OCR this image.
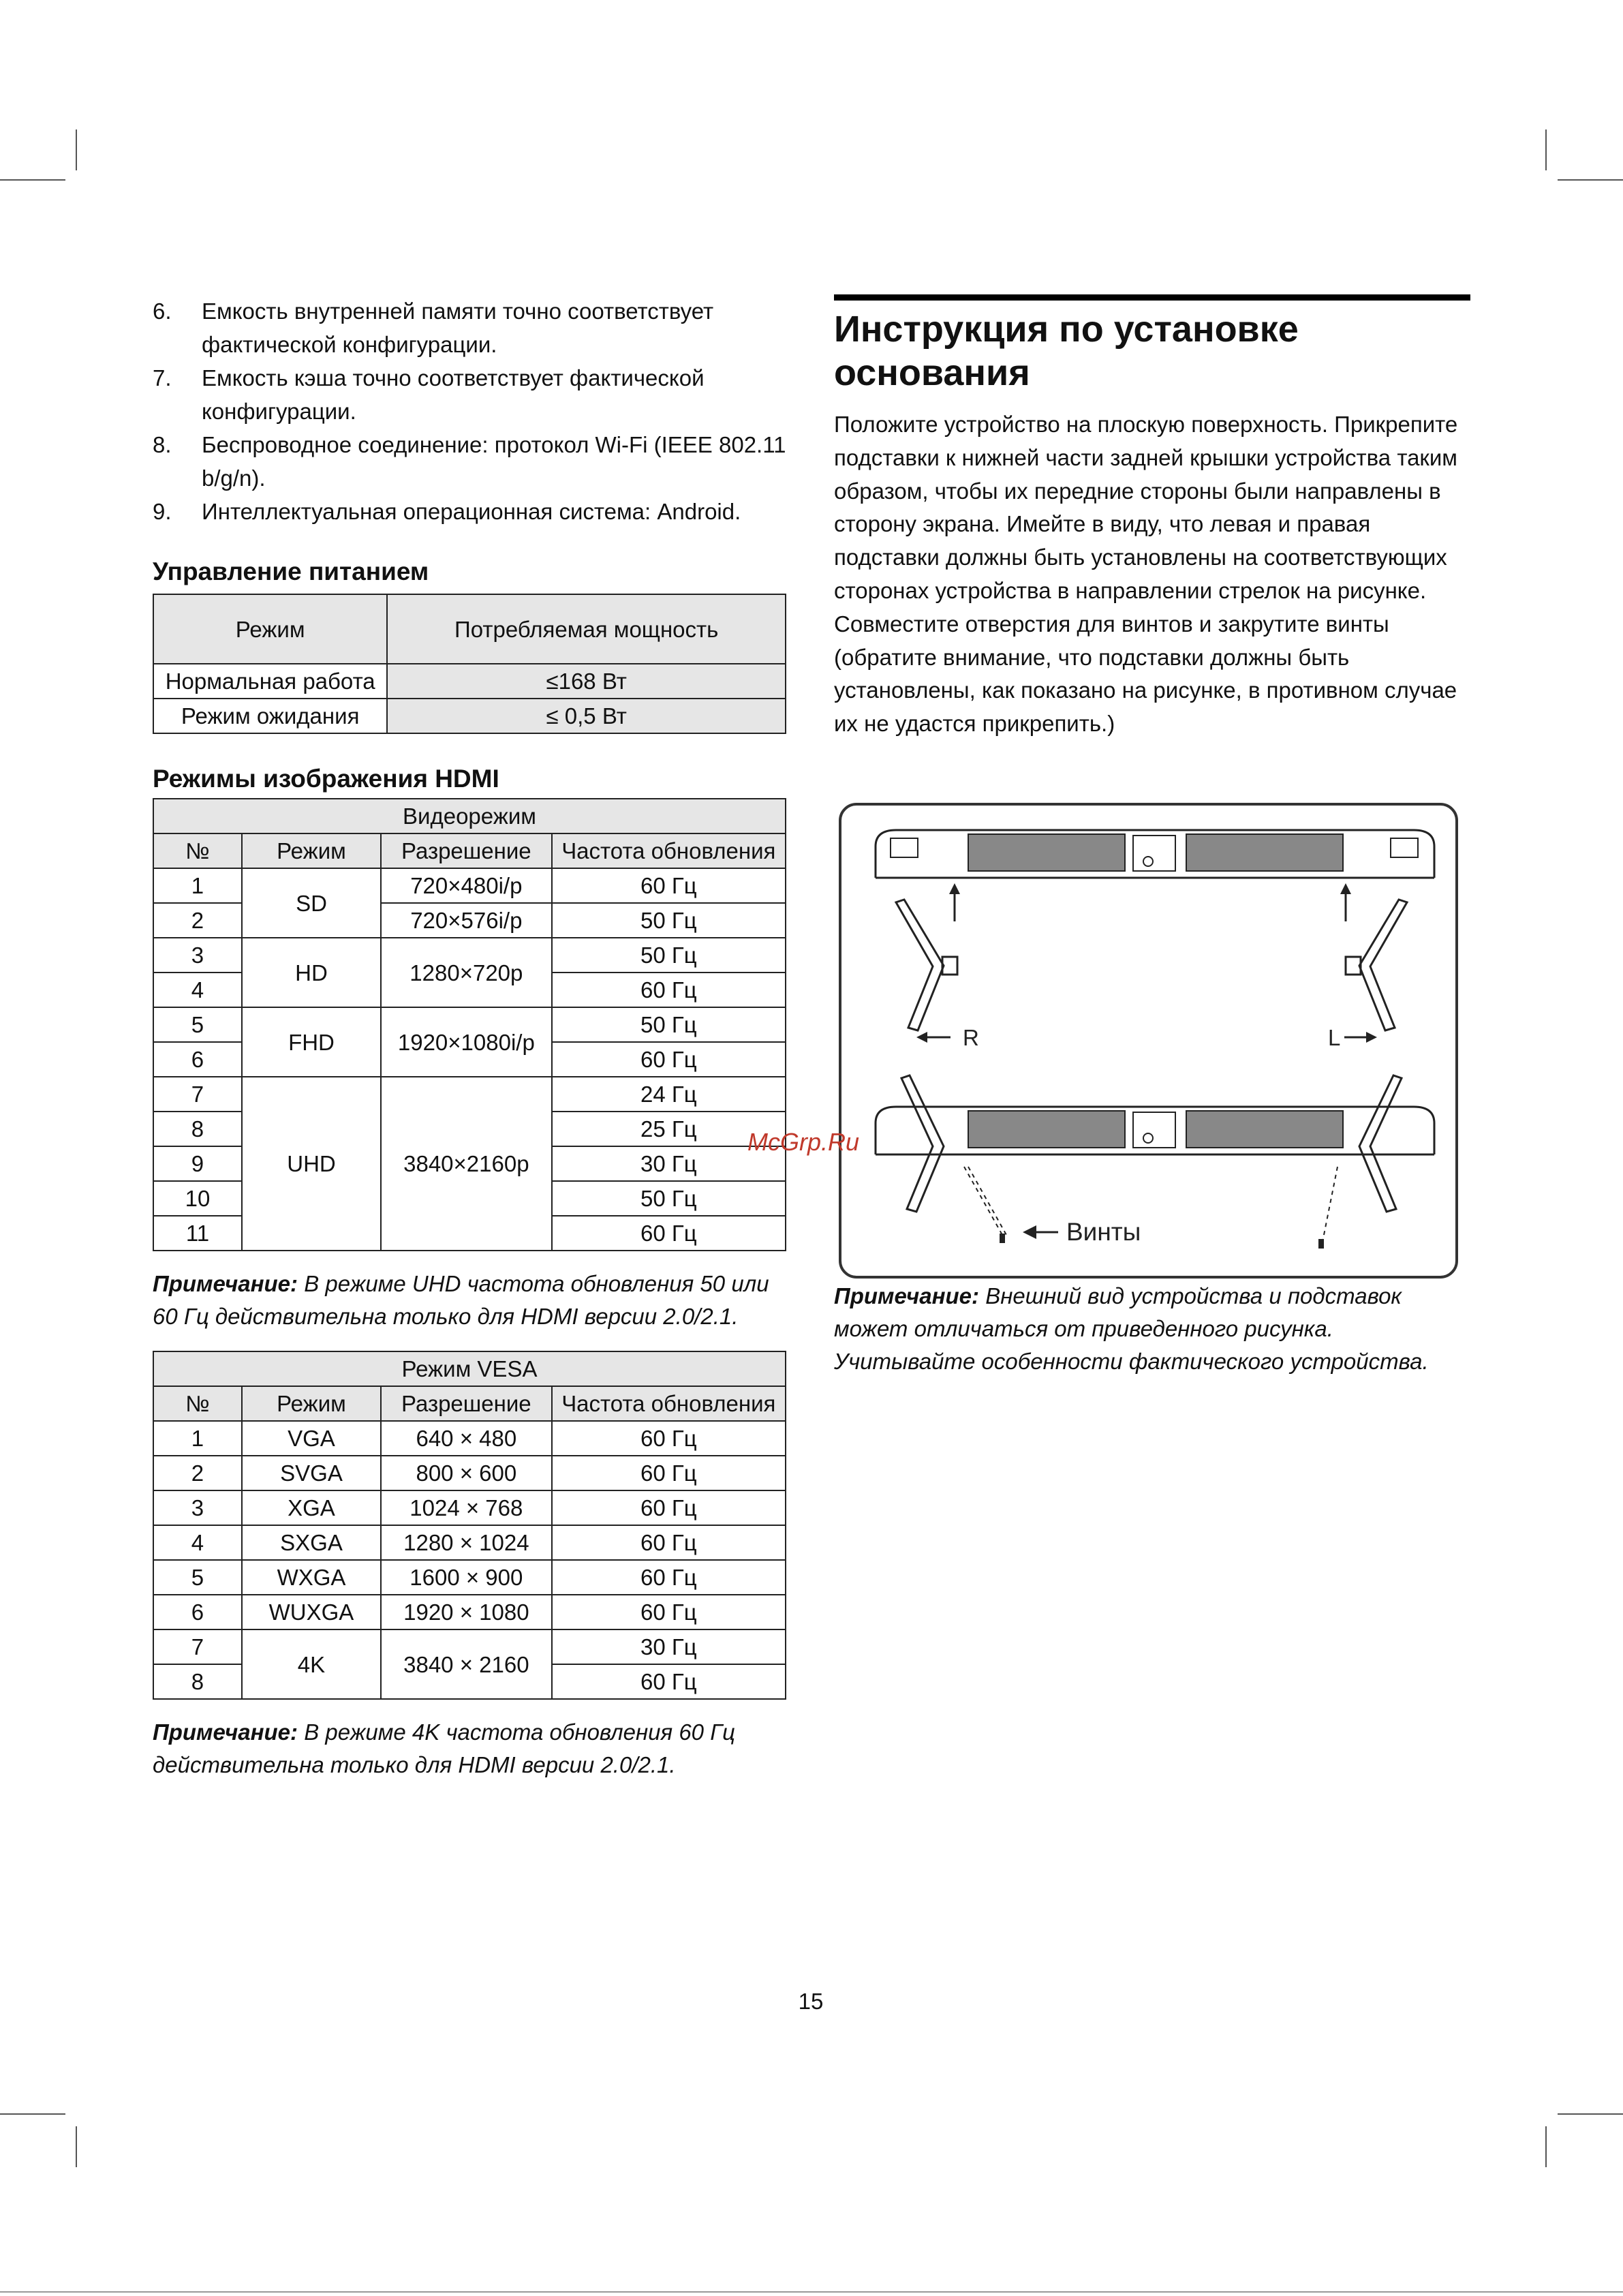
6.	Емкость внутренней памяти точно соответствует фактической конфигурации.
7.	Емкость кэша точно соответствует фактической конфигурации.
8.	Беспроводное соединение: протокол Wi-Fi (IEEE 802.11 b/g/n).
9.	Интеллектуальная операционная система: Android.
Управление питанием
Режим	Потребляемая мощность
Нормальная работа	≤168 Вт
Режим ожидания	≤ 0,5 Вт
Режимы изображения HDMI
Видеорежим			
№	Режим	Разрешение	Частота обновления
1	SD	720×480i/p	60 Гц
2		720×576i/p	50 Гц
3	HD	1280×720p	50 Гц
4			60 Гц
5	FHD	1920×1080i/p	50 Гц
6			60 Гц
7	UHD	3840×2160p	24 Гц
8			25 Гц
9			30 Гц
10			50 Гц
11			60 Гц

Примечание: В режиме UHD частота обновления 50 или 60 Гц действительна только для HDMI версии 2.0/2.1.

Режим VESA			
№	Режим	Разрешение	Частота обновления
1	VGA	640 × 480	60 Гц
2	SVGA	800 × 600	60 Гц
3	XGA	1024 × 768	60 Гц
4	SXGA	1280 × 1024	60 Гц
5	WXGA	1600 × 900	60 Гц
6	WUXGA	1920 × 1080	60 Гц
7	4K	3840 × 2160	30 Гц
8			60 Гц

Примечание: В режиме 4K частота обновления 60 Гц действительна только для HDMI версии 2.0/2.1.

Инструкция по установке основания

Положите устройство на плоскую поверхность. Прикрепите подставки к нижней части задней крышки устройства таким образом, чтобы их передние стороны были направлены в сторону экрана. Имейте в виду, что левая и правая подставки должны быть установлены на соответствующих сторонах устройства в направлении стрелок на рисунке. Совместите отверстия для винтов и закрутите винты (обратите внимание, что подставки должны быть установлены, как показано на рисунке, в противном случае их не удастся прикрепить.)

R	L
Винты
McGrp.Ru

Примечание: Внешний вид устройства и подставок может отличаться от приведенного рисунка. Учитывайте особенности фактического устройства.

15
